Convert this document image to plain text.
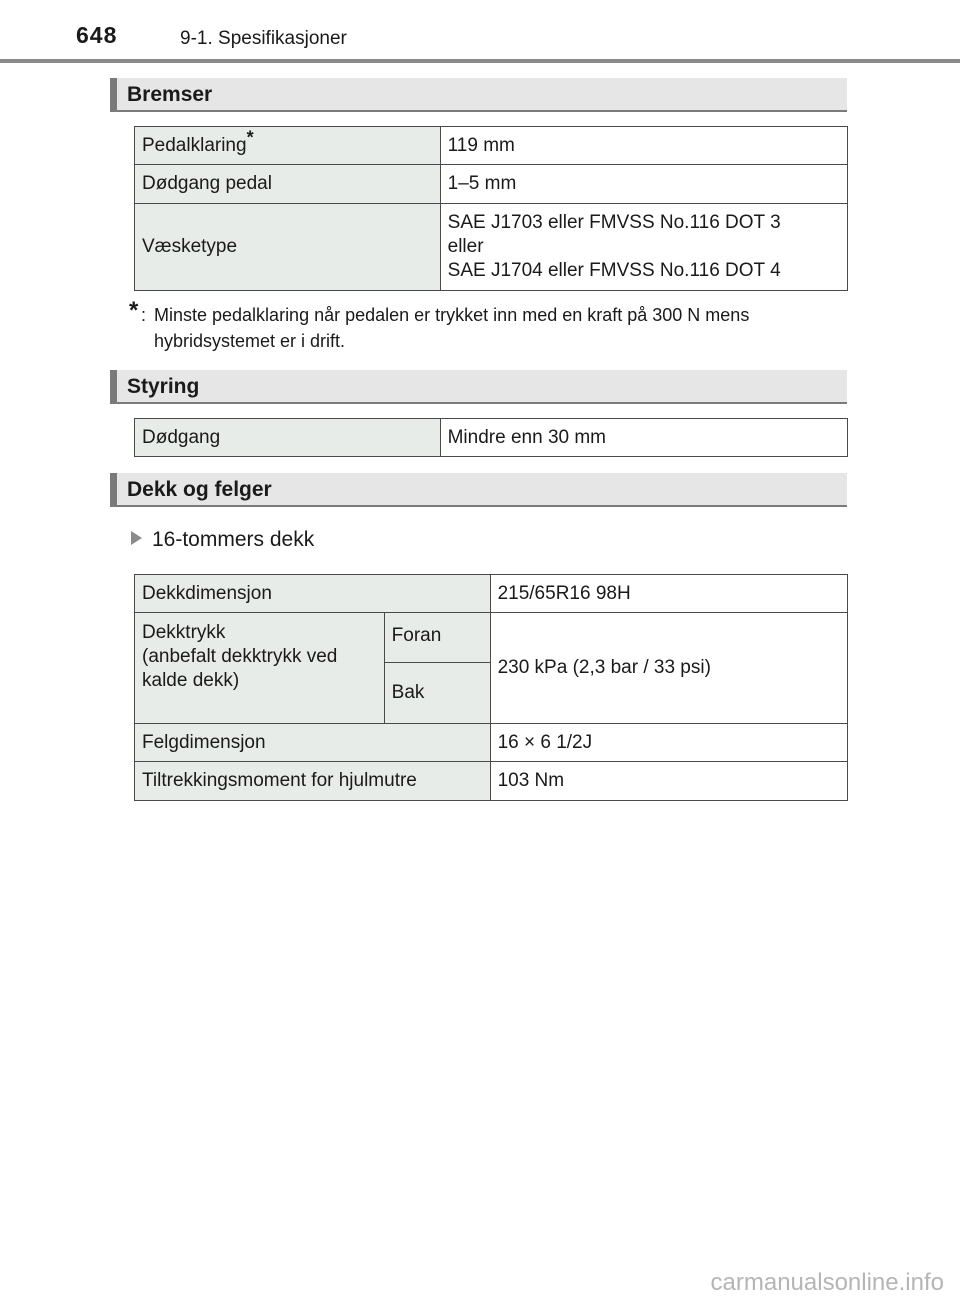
648	9-1. Spesifikasjoner
Bremser
Pedalklaring*	119 mm
Dødgang pedal	1–5 mm
Væsketype	SAE J1703 eller FMVSS No.116 DOT 3
eller
SAE J1704 eller FMVSS No.116 DOT 4
* : Minste pedalklaring når pedalen er trykket inn med en kraft på 300 N mens hybridsystemet er i drift.
Styring
Dødgang	Mindre enn 30 mm
Dekk og felger
16-tommers dekk
Dekkdimensjon		215/65R16 98H

Dekktrykk
(anbefalt dekktrykk ved
kalde dekk)	Foran	230 kPa (2,3 bar / 33 psi)
	Bak	
Felgdimensjon		16 × 6 1/2J
Tiltrekkingsmoment for hjulmutre		103 Nm
carmanualsonline.info
